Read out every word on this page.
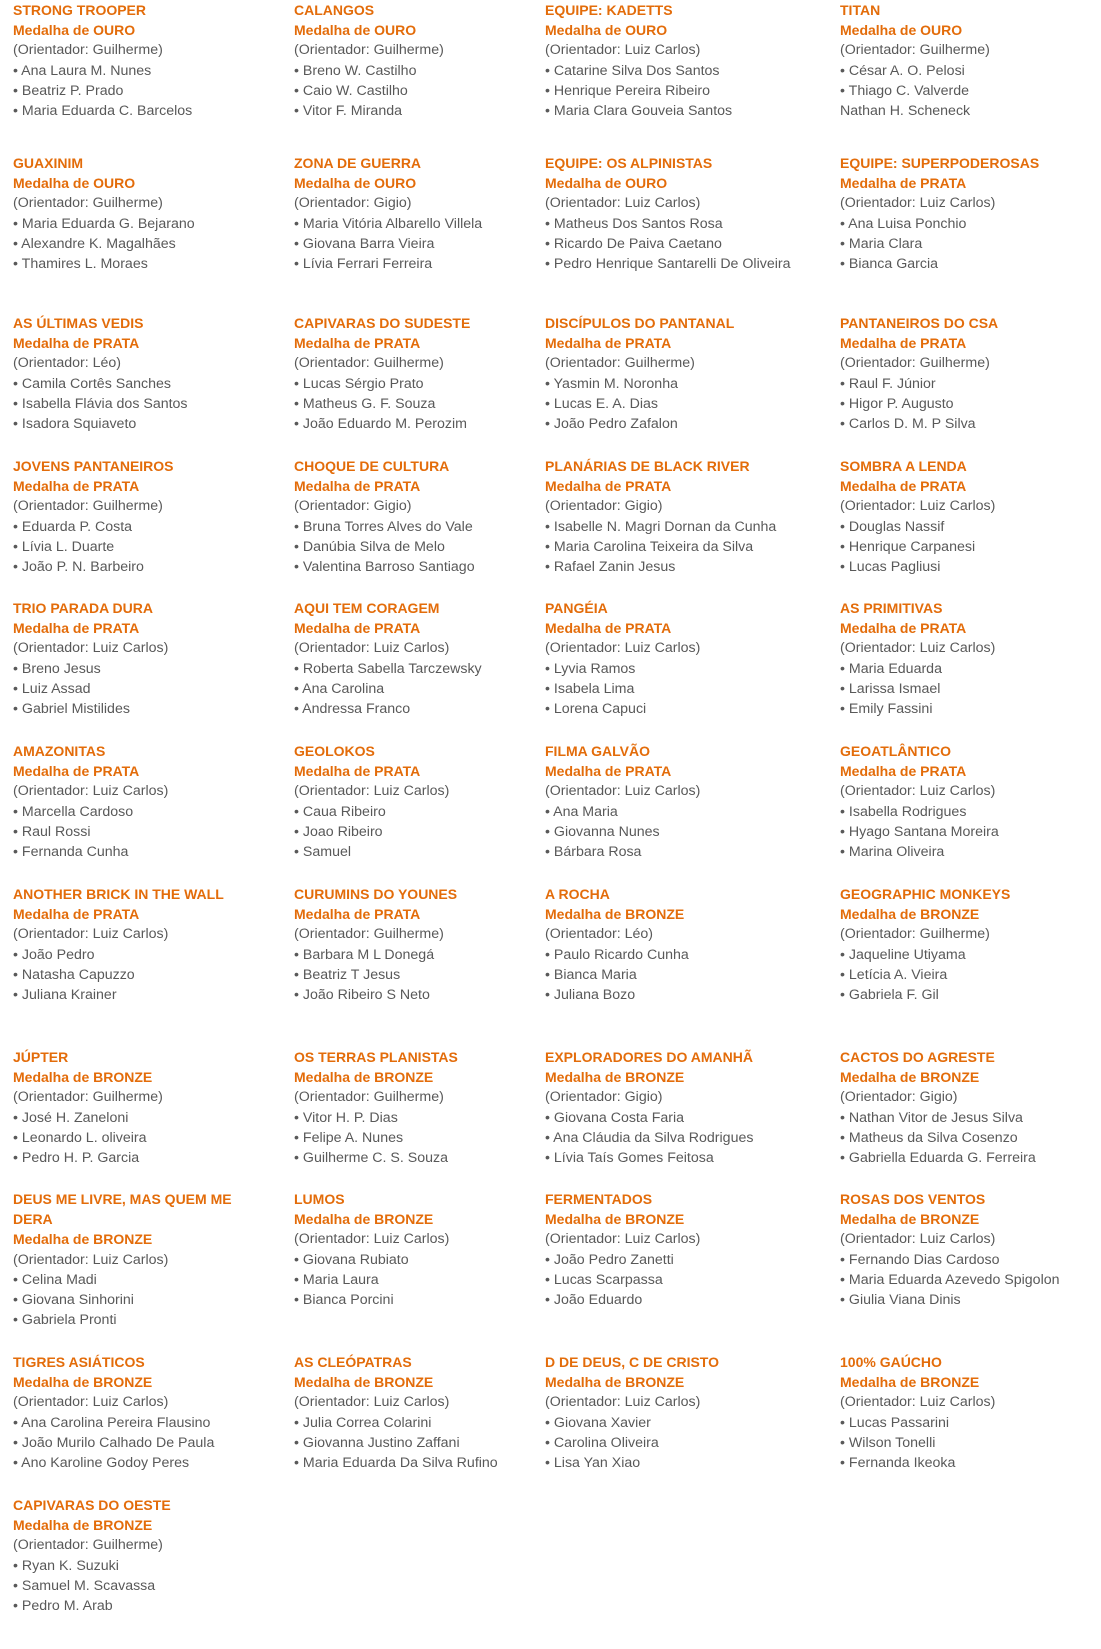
STRONG TROOPER
Medalha de OURO
(Orientador: Guilherme)
• Ana Laura M. Nunes
• Beatriz P. Prado
• Maria Eduarda C. Barcelos
CALANGOS
Medalha de OURO
(Orientador: Guilherme)
• Breno W. Castilho
• Caio W. Castilho
• Vitor F. Miranda
EQUIPE: KADETTS
Medalha de OURO
(Orientador: Luiz Carlos)
• Catarine Silva Dos Santos
• Henrique Pereira Ribeiro
• Maria Clara Gouveia Santos
TITAN
Medalha de OURO
(Orientador: Guilherme)
• César A. O. Pelosi
• Thiago C. Valverde
Nathan H. Scheneck
GUAXINIM
Medalha de OURO
(Orientador: Guilherme)
• Maria Eduarda G. Bejarano
• Alexandre K. Magalhães
• Thamires L. Moraes
ZONA DE GUERRA
Medalha de OURO
(Orientador: Gigio)
• Maria Vitória Albarello Villela
• Giovana Barra Vieira
• Lívia Ferrari Ferreira
EQUIPE: OS ALPINISTAS
Medalha de OURO
(Orientador: Luiz Carlos)
• Matheus Dos Santos Rosa
• Ricardo De Paiva Caetano
• Pedro Henrique Santarelli De Oliveira
EQUIPE: SUPERPODEROSAS
Medalha de PRATA
(Orientador: Luiz Carlos)
• Ana Luisa Ponchio
• Maria Clara
• Bianca Garcia
AS ÚLTIMAS VEDIS
Medalha de PRATA
(Orientador: Léo)
• Camila Cortês Sanches
• Isabella Flávia dos Santos
• Isadora Squiaveto
CAPIVARAS DO SUDESTE
Medalha de PRATA
(Orientador: Guilherme)
• Lucas Sérgio Prato
• Matheus G. F. Souza
• João Eduardo M. Perozim
DISCÍPULOS DO PANTANAL
Medalha de PRATA
(Orientador: Guilherme)
• Yasmin M. Noronha
• Lucas E. A. Dias
• João Pedro Zafalon
PANTANEIROS DO CSA
Medalha de PRATA
(Orientador: Guilherme)
• Raul F. Júnior
• Higor P. Augusto
• Carlos D. M. P Silva
JOVENS PANTANEIROS
Medalha de PRATA
(Orientador: Guilherme)
• Eduarda P. Costa
• Lívia L. Duarte
• João P. N. Barbeiro
CHOQUE DE CULTURA
Medalha de PRATA
(Orientador: Gigio)
• Bruna Torres Alves do Vale
• Danúbia Silva de Melo
• Valentina Barroso Santiago
PLANÁRIAS DE BLACK RIVER
Medalha de PRATA
(Orientador: Gigio)
• Isabelle N. Magri Dornan da Cunha
• Maria Carolina Teixeira da Silva
• Rafael Zanin Jesus
SOMBRA A LENDA
Medalha de PRATA
(Orientador: Luiz Carlos)
• Douglas Nassif
• Henrique Carpanesi
• Lucas Pagliusi
TRIO PARADA DURA
Medalha de PRATA
(Orientador: Luiz Carlos)
• Breno Jesus
• Luiz Assad
• Gabriel Mistilides
AQUI TEM CORAGEM
Medalha de PRATA
(Orientador: Luiz Carlos)
• Roberta Sabella Tarczewsky
• Ana Carolina
• Andressa Franco
PANGÉIA
Medalha de PRATA
(Orientador: Luiz Carlos)
• Lyvia Ramos
• Isabela Lima
• Lorena Capuci
AS PRIMITIVAS
Medalha de PRATA
(Orientador: Luiz Carlos)
• Maria Eduarda
• Larissa Ismael
• Emily Fassini
AMAZONITAS
Medalha de PRATA
(Orientador: Luiz Carlos)
• Marcella Cardoso
• Raul Rossi
• Fernanda Cunha
GEOLOKOS
Medalha de PRATA
(Orientador: Luiz Carlos)
• Caua Ribeiro
• Joao Ribeiro
• Samuel
FILMA GALVÃO
Medalha de PRATA
(Orientador: Luiz Carlos)
• Ana Maria
• Giovanna Nunes
• Bárbara Rosa
GEOATLÂNTICO
Medalha de PRATA
(Orientador: Luiz Carlos)
• Isabella Rodrigues
• Hyago Santana Moreira
• Marina Oliveira
ANOTHER BRICK IN THE WALL
Medalha de PRATA
(Orientador: Luiz Carlos)
• João Pedro
• Natasha Capuzzo
• Juliana Krainer
CURUMINS DO YOUNES
Medalha de PRATA
(Orientador: Guilherme)
• Barbara M L Donegá
• Beatriz T Jesus
• João Ribeiro S Neto
A ROCHA
Medalha de BRONZE
(Orientador: Léo)
• Paulo Ricardo Cunha
• Bianca Maria
• Juliana Bozo
GEOGRAPHIC MONKEYS
Medalha de BRONZE
(Orientador: Guilherme)
• Jaqueline Utiyama
• Letícia A. Vieira
• Gabriela F. Gil
JÚPTER
Medalha de BRONZE
(Orientador: Guilherme)
• José H. Zaneloni
• Leonardo L. oliveira
• Pedro H. P. Garcia
OS TERRAS PLANISTAS
Medalha de BRONZE
(Orientador: Guilherme)
• Vitor H. P. Dias
• Felipe A. Nunes
• Guilherme C. S. Souza
EXPLORADORES DO AMANHÃ
Medalha de BRONZE
(Orientador: Gigio)
• Giovana Costa Faria
• Ana Cláudia da Silva Rodrigues
• Lívia Taís Gomes Feitosa
CACTOS DO AGRESTE
Medalha de BRONZE
(Orientador: Gigio)
• Nathan Vitor de Jesus Silva
• Matheus da Silva Cosenzo
• Gabriella Eduarda G. Ferreira
DEUS ME LIVRE, MAS QUEM ME DERA
Medalha de BRONZE
(Orientador: Luiz Carlos)
• Celina Madi
• Giovana Sinhorini
• Gabriela Pronti
LUMOS
Medalha de BRONZE
(Orientador: Luiz Carlos)
• Giovana Rubiato
• Maria Laura
• Bianca Porcini
FERMENTADOS
Medalha de BRONZE
(Orientador: Luiz Carlos)
• João Pedro Zanetti
• Lucas Scarpassa
• João Eduardo
ROSAS DOS VENTOS
Medalha de BRONZE
(Orientador: Luiz Carlos)
• Fernando Dias Cardoso
• Maria Eduarda Azevedo Spigolon
• Giulia Viana Dinis
TIGRES ASIÁTICOS
Medalha de BRONZE
(Orientador: Luiz Carlos)
• Ana Carolina Pereira Flausino
• João Murilo Calhado De Paula
• Ano Karoline Godoy Peres
AS CLEÓPATRAS
Medalha de BRONZE
(Orientador: Luiz Carlos)
• Julia Correa Colarini
• Giovanna Justino Zaffani
• Maria Eduarda Da Silva Rufino
D DE DEUS, C DE CRISTO
Medalha de BRONZE
(Orientador: Luiz Carlos)
• Giovana Xavier
• Carolina Oliveira
• Lisa Yan Xiao
100% GAÚCHO
Medalha de BRONZE
(Orientador: Luiz Carlos)
• Lucas Passarini
• Wilson Tonelli
• Fernanda Ikeoka
CAPIVARAS DO OESTE
Medalha de BRONZE
(Orientador: Guilherme)
• Ryan K. Suzuki
• Samuel M. Scavassa
• Pedro M. Arab
